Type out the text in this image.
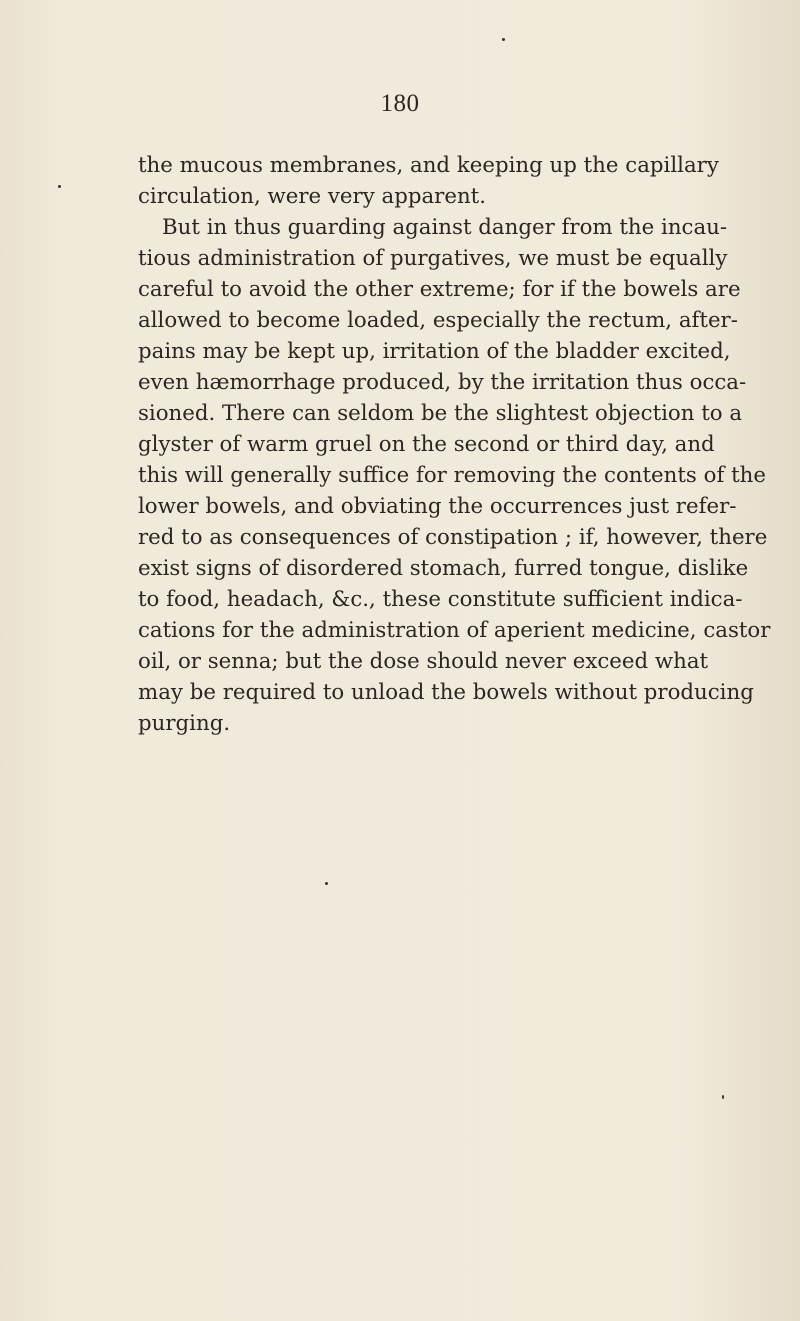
180
the mucous membranes, and keeping up the capillary
circulation, were very apparent.
But in thus guarding against danger from the incau-
tious administration of purgatives, we must be equally
careful to avoid the other extreme; for if the bowels are
allowed to become loaded, especially the rectum, after-
pains may be kept up, irritation of the bladder excited,
even hæmorrhage produced, by the irritation thus occa-
sioned. There can seldom be the slightest objection to a
glyster of warm gruel on the second or third day, and
this will generally suffice for removing the contents of the
lower bowels, and obviating the occurrences just refer-
red to as consequences of constipation ; if, however, there
exist signs of disordered stomach, furred tongue, dislike
to food, headach, &c., these constitute sufficient indica-
cations for the administration of aperient medicine, castor
oil, or senna; but the dose should never exceed what
may be required to unload the bowels without producing
purging.
